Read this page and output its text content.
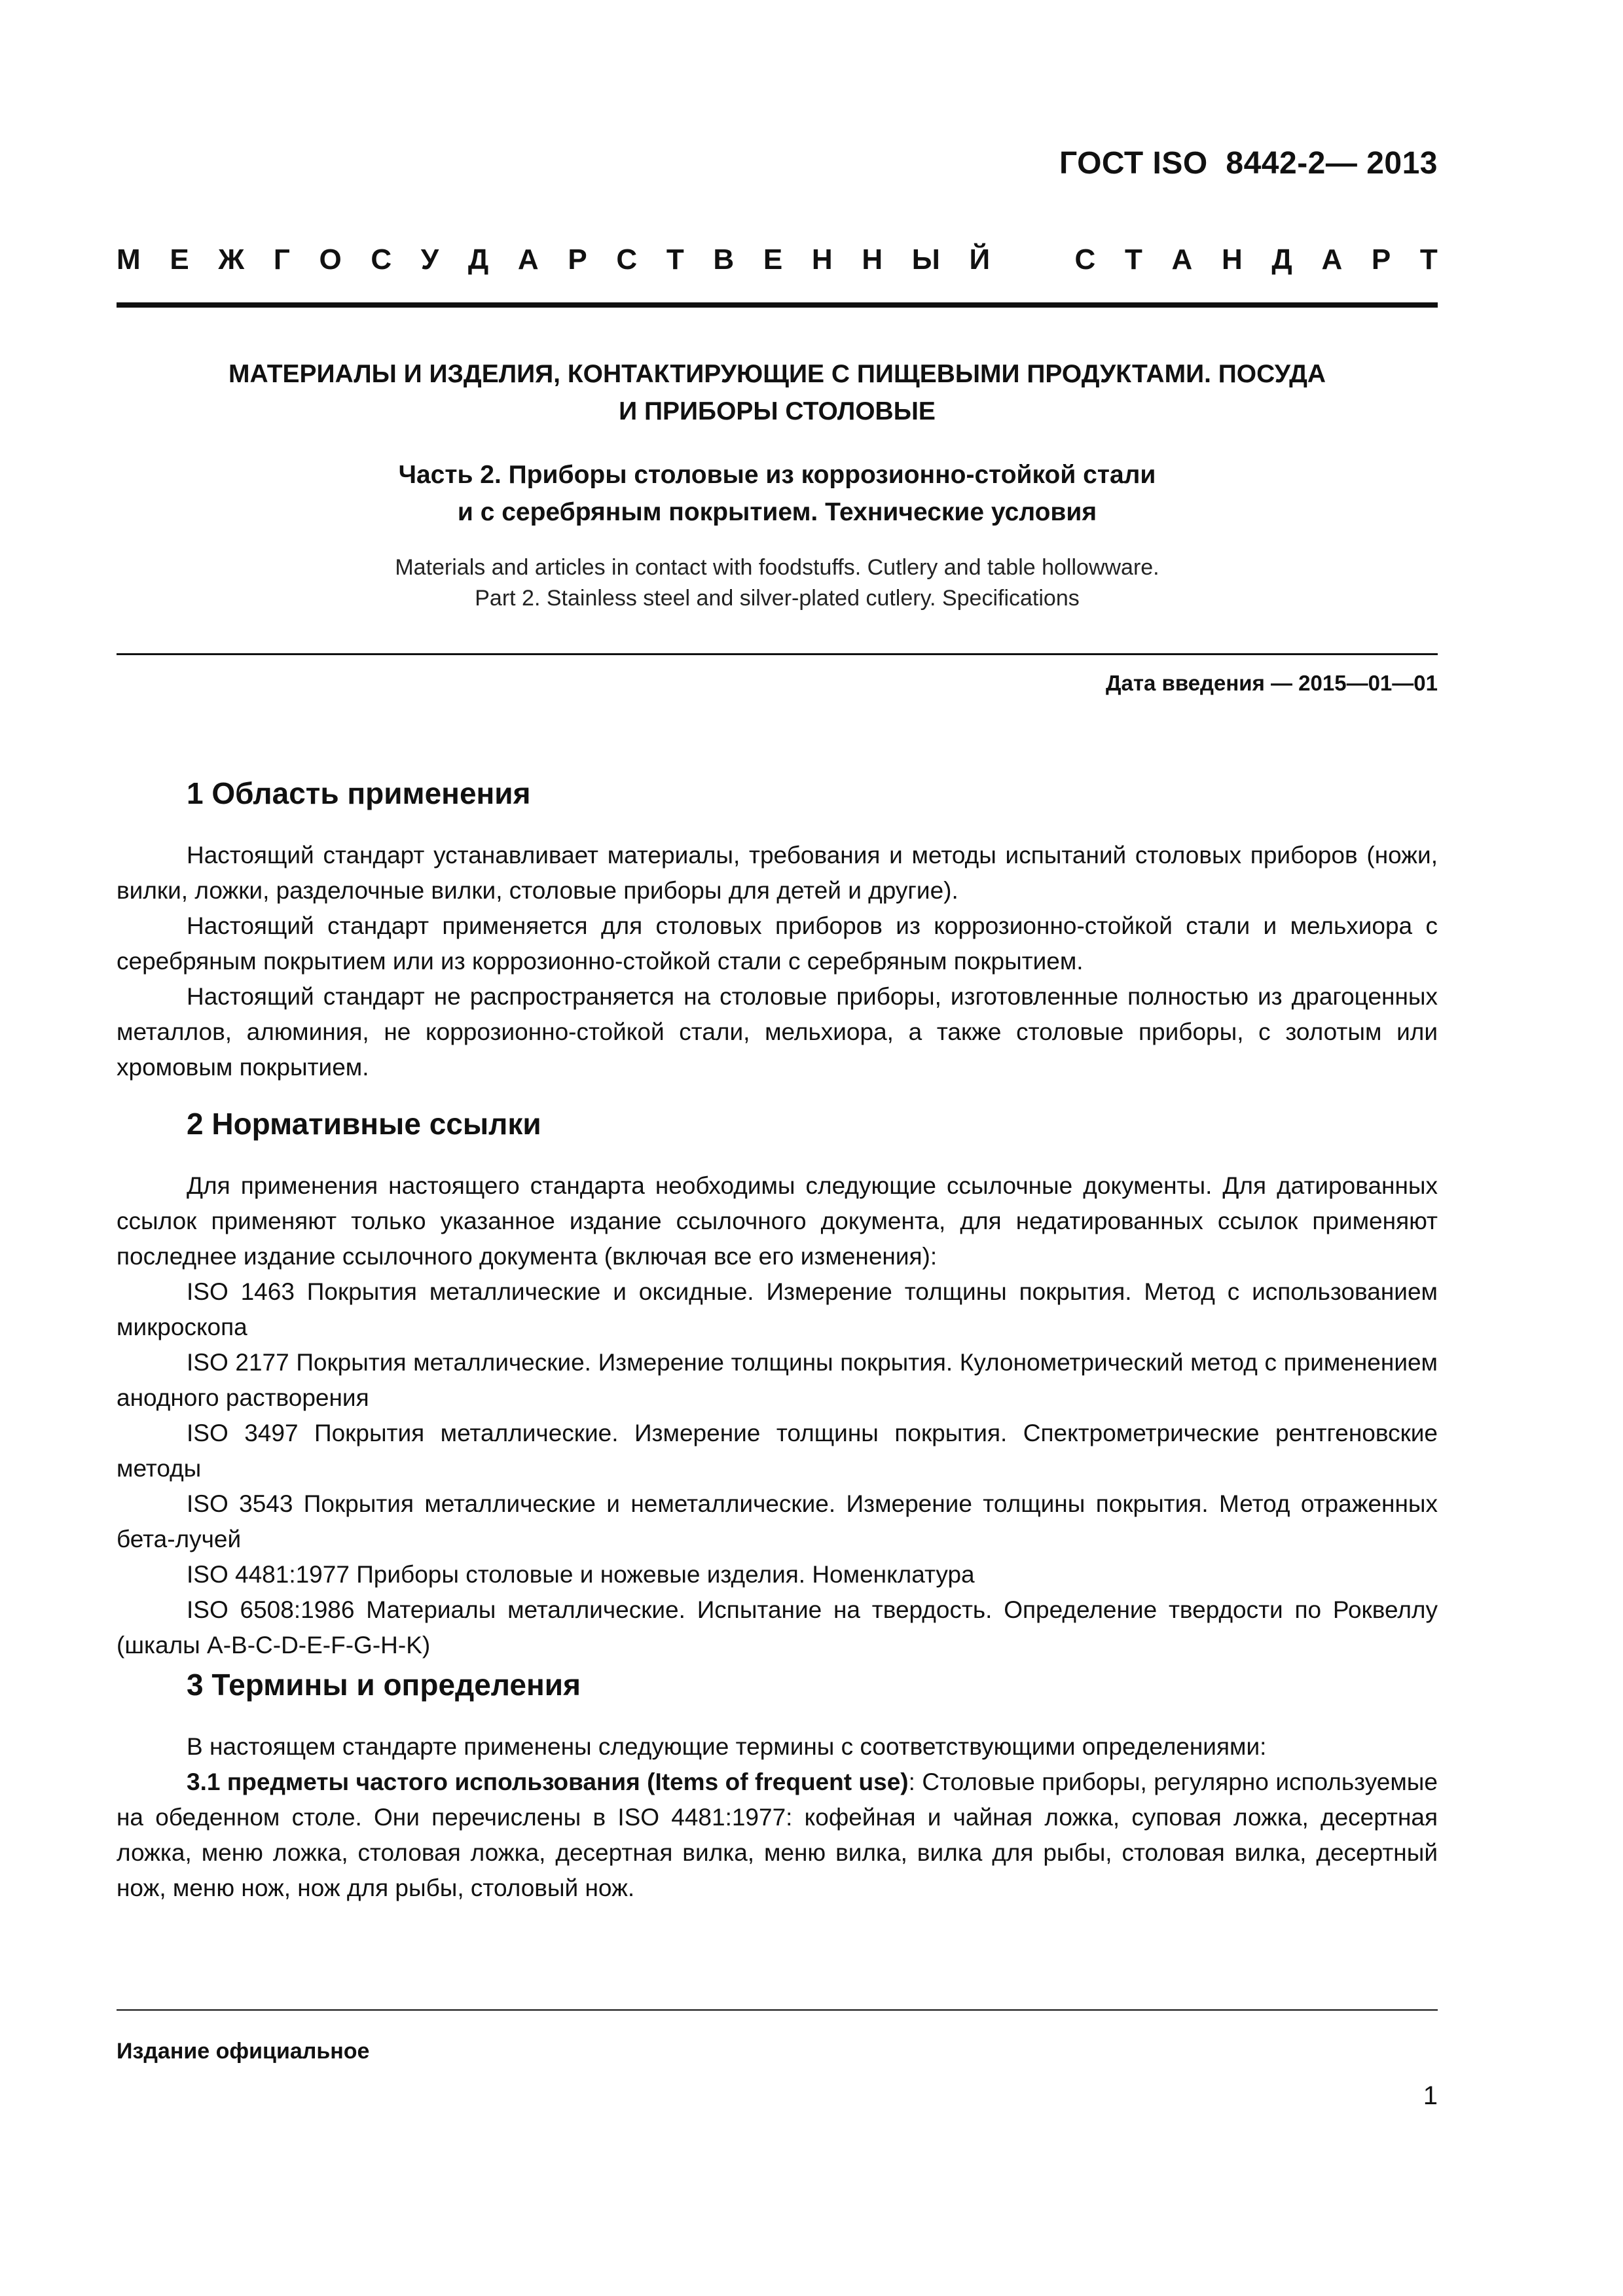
ГОСТ ISO  8442-2— 2013
М Е Ж Г О С У Д А Р С Т В Е Н Н Ы Й	С Т А Н Д А Р Т
МАТЕРИАЛЫ И ИЗДЕЛИЯ, КОНТАКТИРУЮЩИЕ С ПИЩЕВЫМИ ПРОДУКТАМИ. ПОСУДА
И ПРИБОРЫ СТОЛОВЫЕ
Часть 2. Приборы столовые из коррозионно-стойкой стали
и с серебряным покрытием. Технические условия
Materials and articles in contact with foodstuffs. Cutlery and table hollowware.
Part 2. Stainless steel and silver-plated cutlery. Specifications
Дата введения — 2015—01—01
1 Область применения

Настоящий стандарт устанавливает материалы, требования и методы испытаний столовых приборов (ножи, вилки, ложки, разделочные вилки, столовые приборы для детей и другие).

Настоящий стандарт применяется для столовых приборов из коррозионно-стойкой стали и мельхиора с серебряным покрытием или из коррозионно-стойкой стали с серебряным покрытием.

Настоящий стандарт не распространяется на столовые приборы, изготовленные полностью из драгоценных металлов, алюминия, не коррозионно-стойкой стали, мельхиора, а также столовые приборы, с золотым или хромовым покрытием.

2 Нормативные ссылки

Для применения настоящего стандарта необходимы следующие ссылочные документы. Для датированных ссылок применяют только указанное издание ссылочного документа, для недатированных ссылок применяют последнее издание ссылочного документа (включая все его изменения):

ISO 1463 Покрытия металлические и оксидные. Измерение толщины покрытия. Метод с использованием микроскопа

ISO 2177 Покрытия металлические. Измерение толщины покрытия. Кулонометрический метод с применением анодного растворения

ISO 3497 Покрытия металлические. Измерение толщины покрытия. Спектрометрические рентгеновские методы

ISO 3543 Покрытия металлические и неметаллические. Измерение толщины покрытия. Метод отраженных бета-лучей

ISO 4481:1977 Приборы столовые и ножевые изделия. Номенклатура

ISO 6508:1986 Материалы металлические. Испытание на твердость. Определение твердости по Роквеллу (шкалы A-B-C-D-E-F-G-H-K)

3 Термины и определения

В настоящем стандарте применены следующие термины с соответствующими определениями:

3.1 предметы частого использования (Items of frequent use): Столовые приборы, регулярно используемые на обеденном столе. Они перечислены в ISO 4481:1977: кофейная и чайная ложка, суповая ложка, десертная ложка, меню ложка, столовая ложка, десертная вилка, меню вилка, вилка для рыбы, столовая вилка, десертный нож, меню нож, нож для рыбы, столовый нож.

Издание официальное
1
